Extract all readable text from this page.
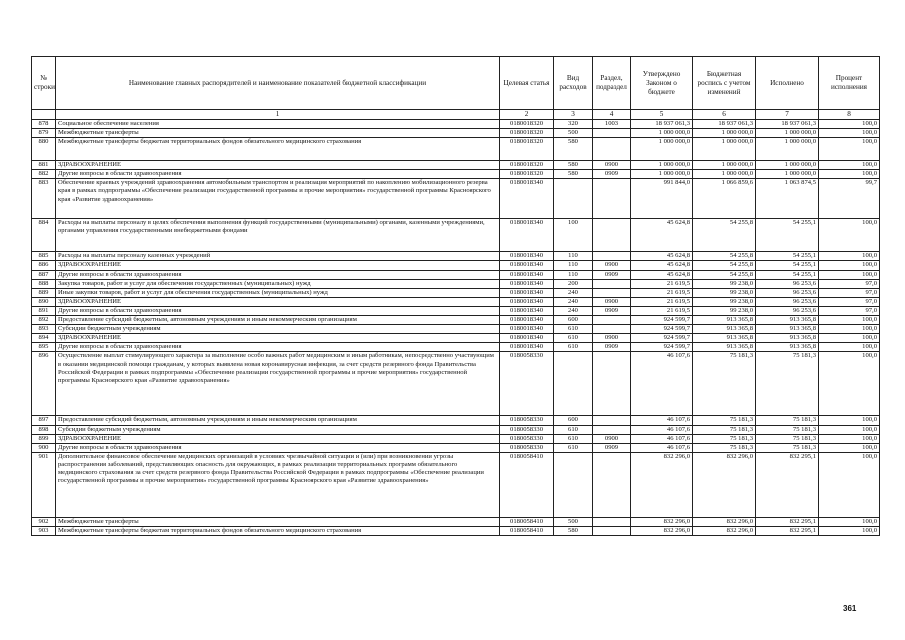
№ строки	Наименование главных распорядителей и наименование показателей бюджетной классификации	Целевая статья	Вид расходов	Раздел, подраздел	Утверждено Законом о бюджете	Бюджетная роспись с учетом изменений	Исполнено	Процент исполнения
	1	2	3	4	5	6	7	8
878	Социальное обеспечение населения	0180018320	320	1003	18 937 061,3	18 937 061,3	18 937 061,3	100,0
879	Межбюджетные трансферты	0180018320	500		1 000 000,0	1 000 000,0	1 000 000,0	100,0
880	Межбюджетные трансферты бюджетам территориальных фондов обязательного медицинского страхования	0180018320	580		1 000 000,0	1 000 000,0	1 000 000,0	100,0
881	ЗДРАВООХРАНЕНИЕ	0180018320	580	0900	1 000 000,0	1 000 000,0	1 000 000,0	100,0
882	Другие вопросы в области здравоохранения	0180018320	580	0909	1 000 000,0	1 000 000,0	1 000 000,0	100,0
883	Обеспечение краевых учреждений здравоохранения автомобильным транспортом и реализация мероприятий по накоплению мобилизационного резерва края в рамках подпрограммы «Обеспечение реализации государственной программы и прочие мероприятия» государственной программы Красноярского края «Развитие здравоохранения»	0180018340			991 844,0	1 066 859,6	1 063 874,5	99,7
884	Расходы на выплаты персоналу в целях обеспечения выполнения функций государственными (муниципальными) органами, казенными учреждениями, органами управления государственными внебюджетными фондами	0180018340	100		45 624,8	54 255,8	54 255,1	100,0
885	Расходы на выплаты персоналу казенных учреждений	0180018340	110		45 624,8	54 255,8	54 255,1	100,0
886	ЗДРАВООХРАНЕНИЕ	0180018340	110	0900	45 624,8	54 255,8	54 255,1	100,0
887	Другие вопросы в области здравоохранения	0180018340	110	0909	45 624,8	54 255,8	54 255,1	100,0
888	Закупка товаров, работ и услуг для обеспечения государственных (муниципальных) нужд	0180018340	200		21 619,5	99 238,0	96 253,6	97,0
889	Иные закупки товаров, работ и услуг для обеспечения государственных (муниципальных) нужд	0180018340	240		21 619,5	99 238,0	96 253,6	97,0
890	ЗДРАВООХРАНЕНИЕ	0180018340	240	0900	21 619,5	99 238,0	96 253,6	97,0
891	Другие вопросы в области здравоохранения	0180018340	240	0909	21 619,5	99 238,0	96 253,6	97,0
892	Предоставление субсидий бюджетным, автономным учреждениям и иным некоммерческим организациям	0180018340	600		924 599,7	913 365,8	913 365,8	100,0
893	Субсидии бюджетным учреждениям	0180018340	610		924 599,7	913 365,8	913 365,8	100,0
894	ЗДРАВООХРАНЕНИЕ	0180018340	610	0900	924 599,7	913 365,8	913 365,8	100,0
895	Другие вопросы в области здравоохранения	0180018340	610	0909	924 599,7	913 365,8	913 365,8	100,0
896	Осуществление выплат стимулирующего характера за выполнение особо важных работ медицинским и иным работникам, непосредственно участвующим в оказании медицинской помощи гражданам, у которых выявлена новая коронавирусная инфекция, за счет средств резервного фонда Правительства Российской Федерации в рамках подпрограммы «Обеспечение реализации государственной программы и прочие мероприятия» государственной программы Красноярского края «Развитие здравоохранения»	0180058330			46 107,6	75 181,3	75 181,3	100,0
897	Предоставление субсидий бюджетным, автономным учреждениям и иным некоммерческим организациям	0180058330	600		46 107,6	75 181,3	75 181,3	100,0
898	Субсидии бюджетным учреждениям	0180058330	610		46 107,6	75 181,3	75 181,3	100,0
899	ЗДРАВООХРАНЕНИЕ	0180058330	610	0900	46 107,6	75 181,3	75 181,3	100,0
900	Другие вопросы в области здравоохранения	0180058330	610	0909	46 107,6	75 181,3	75 181,3	100,0
901	Дополнительное финансовое обеспечение медицинских организаций в условиях чрезвычайной ситуации и (или) при возникновении угрозы распространения заболеваний, представляющих опасность для окружающих, в рамках реализации территориальных программ обязательного медицинского страхования за счет средств резервного фонда Правительства Российской Федерации в рамках подпрограммы «Обеспечение реализации государственной программы и прочие мероприятия» государственной программы Красноярского края «Развитие здравоохранения»	0180058410			832 296,0	832 296,0	832 295,1	100,0
902	Межбюджетные трансферты	0180058410	500		832 296,0	832 296,0	832 295,1	100,0
903	Межбюджетные трансферты бюджетам территориальных фондов обязательного медицинского страхования	0180058410	580		832 296,0	832 296,0	832 295,1	100,0
361
